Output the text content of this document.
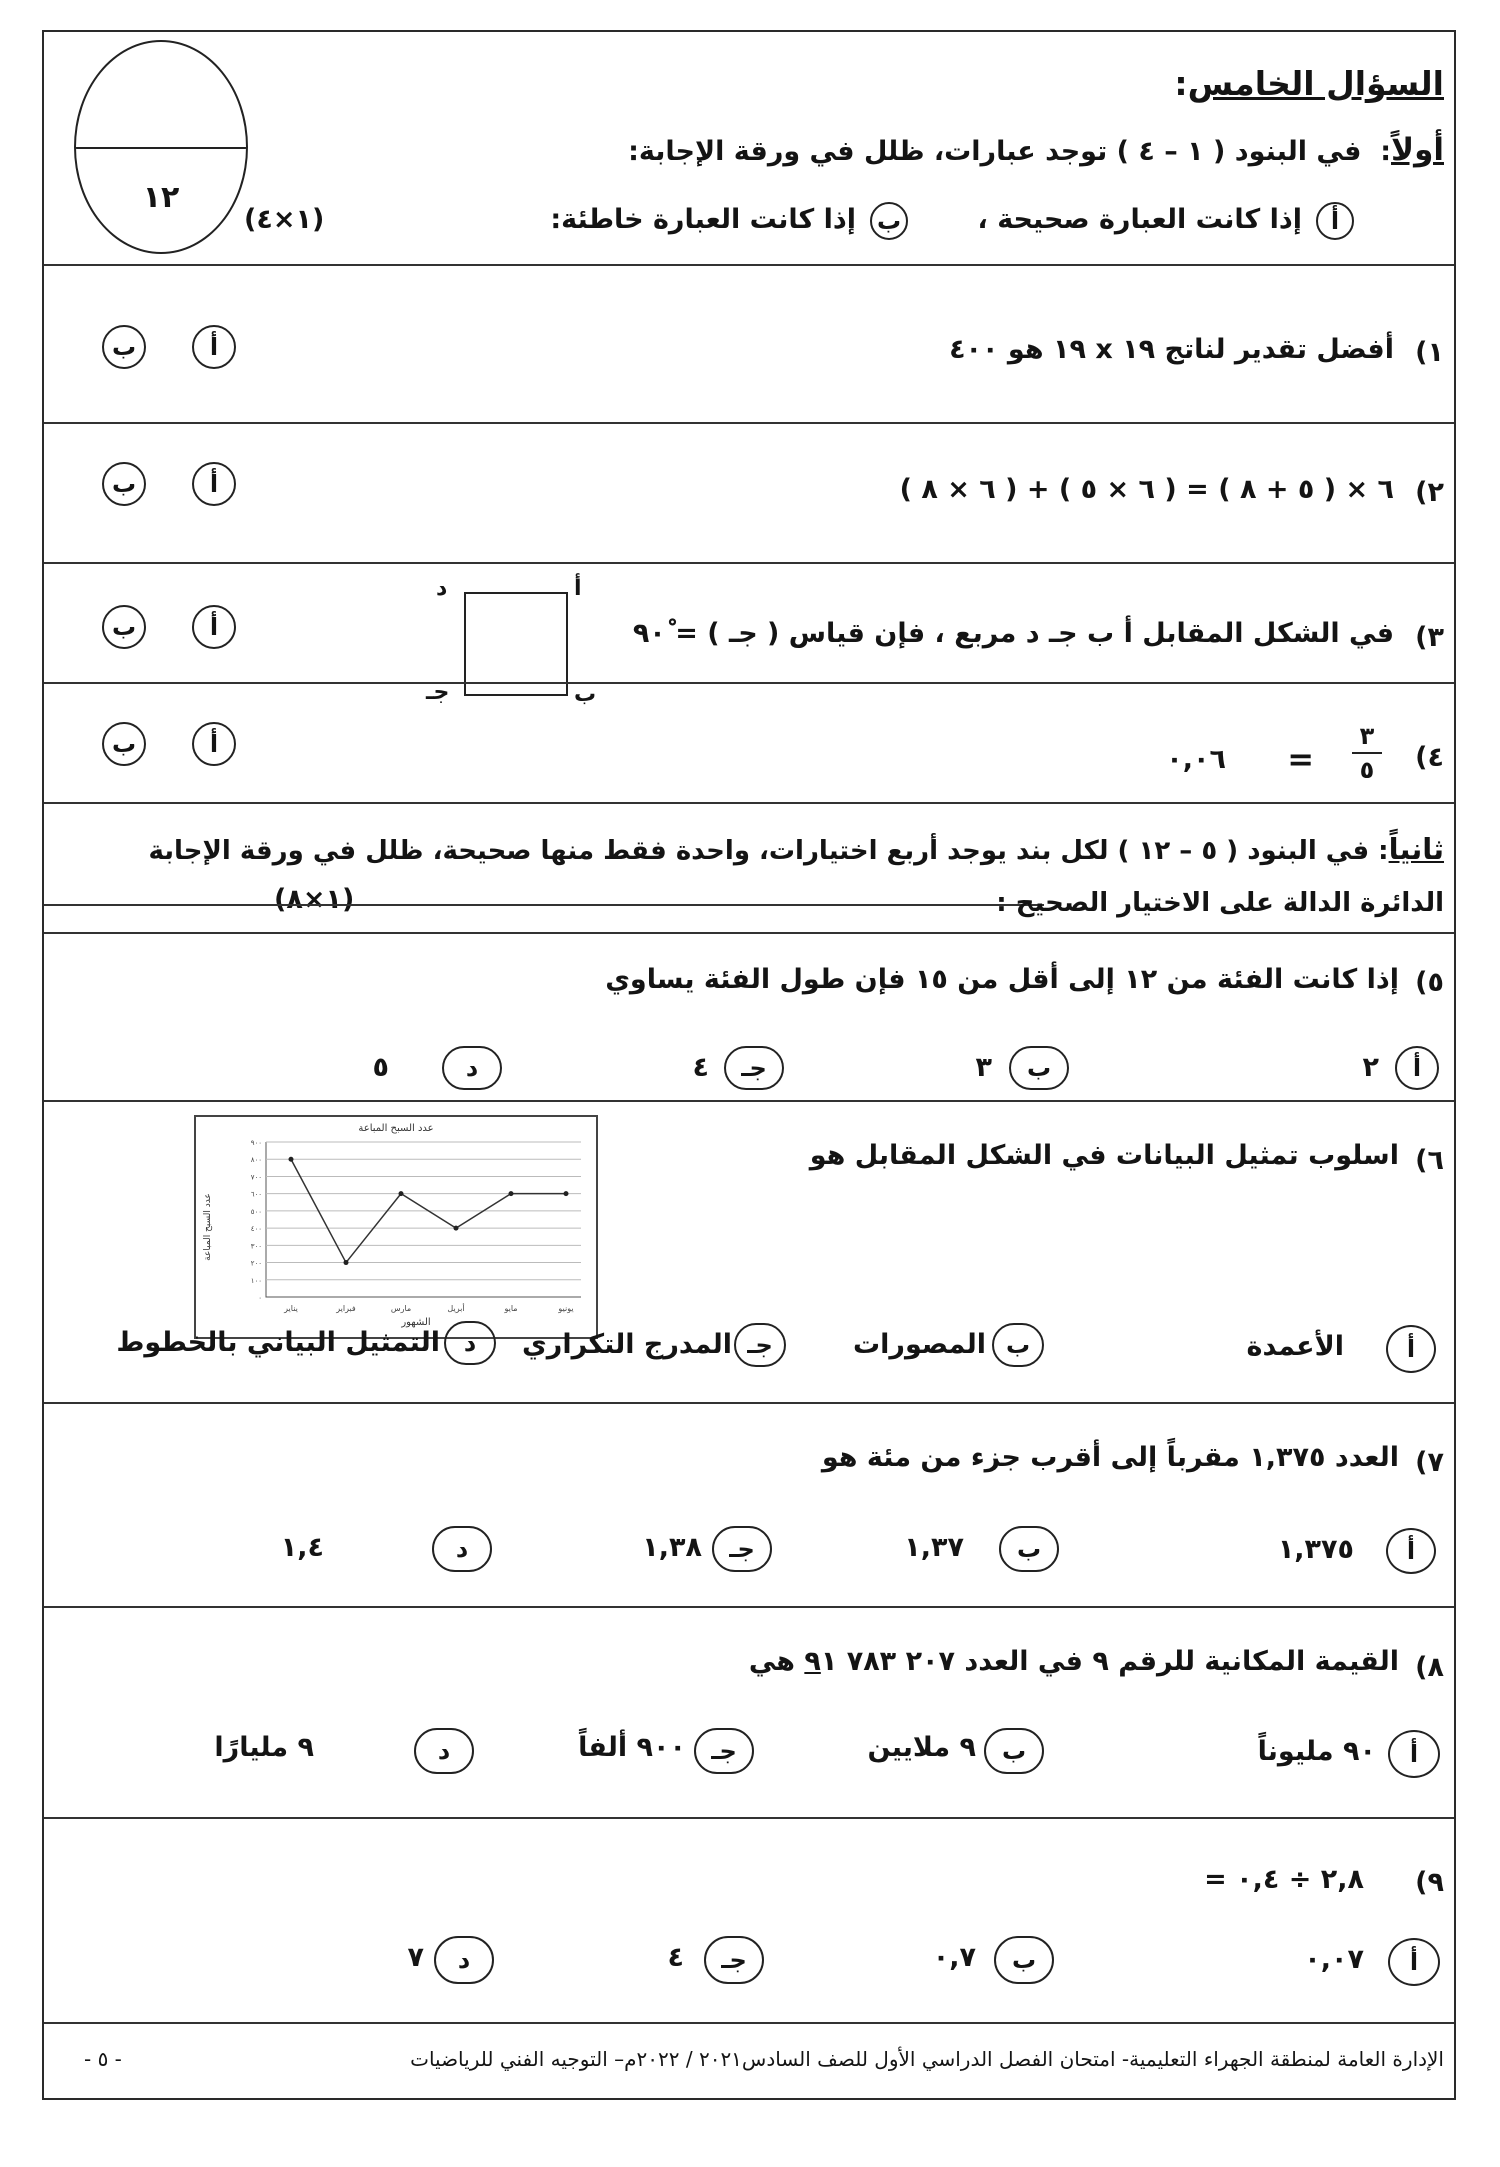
١٢
السؤال الخامس:
أولاً:  في البنود ( ١ – ٤ ) توجد عبارات، ظلل في ورقة الإجابة:
(١×٤)	أ
إذا كانت العبارة صحيحة ،
ب
إذا كانت العبارة خاطئة:
١)
أفضل تقدير لناتج ١٩ x ١٩ هو ٤٠٠
أ
ب
٢)
٦ × ( ٥ + ٨ ) = ( ٦ × ٥ ) + ( ٦ × ٨ )
أ
ب
٣)
في الشكل المقابل أ ب جـ د مربع ، فإن قياس ( جـ ) = ٩٠ْ
أ
د
ب
جـ
أ
ب
٤)
٣
٥
=
٠,٠٦
أ
ب
ثانياً: في البنود ( ٥ – ١٢ ) لكل بند يوجد أربع اختيارات، واحدة فقط منها صحيحة، ظلل في ورقة الإجابة
(١×٨)	الدائرة الدالة على الاختيار الصحيح :
٥)
إذا كانت الفئة من ١٢ إلى أقل من ١٥ فإن طول الفئة يساوي
أ
٢
ب
٣
جـ
٤
د
٥
٦)
اسلوب تمثيل البيانات في الشكل المقابل هو
عدد السبح المباعة
الشهور
عدد السبح المباعة
٠
١٠٠
٢٠٠
٣٠٠
٤٠٠
٥٠٠
٦٠٠
٧٠٠
٨٠٠
٩٠٠
يناير	فبراير	مارس	أبريل	مايو	يونيو
أ
الأعمدة
ب
المصورات
جـ
المدرج التكراري
د
التمثيل البياني بالخطوط
٧)
العدد ١,٣٧٥ مقرباً إلى أقرب جزء من مئة هو
أ
١,٣٧٥
ب
١,٣٧
جـ
١,٣٨
د
١,٤
٨)
القيمة المكانية للرقم ٩ في العدد ٢٠٧ ٧٨٣ ٩١ هي
أ
٩٠ مليوناً
ب
٩ ملايين
جـ
٩٠٠ ألفاً
د
٩ مليارًا
٩)
٢,٨ ÷ ٠,٤ =
أ
٠,٠٧
ب
٠,٧
جـ
٤
د
٧
الإدارة العامة لمنطقة الجهراء التعليمية- امتحان الفصل الدراسي الأول للصف السادس٢٠٢١ / ٢٠٢٢م– التوجيه الفني للرياضيات
- ٥ -
